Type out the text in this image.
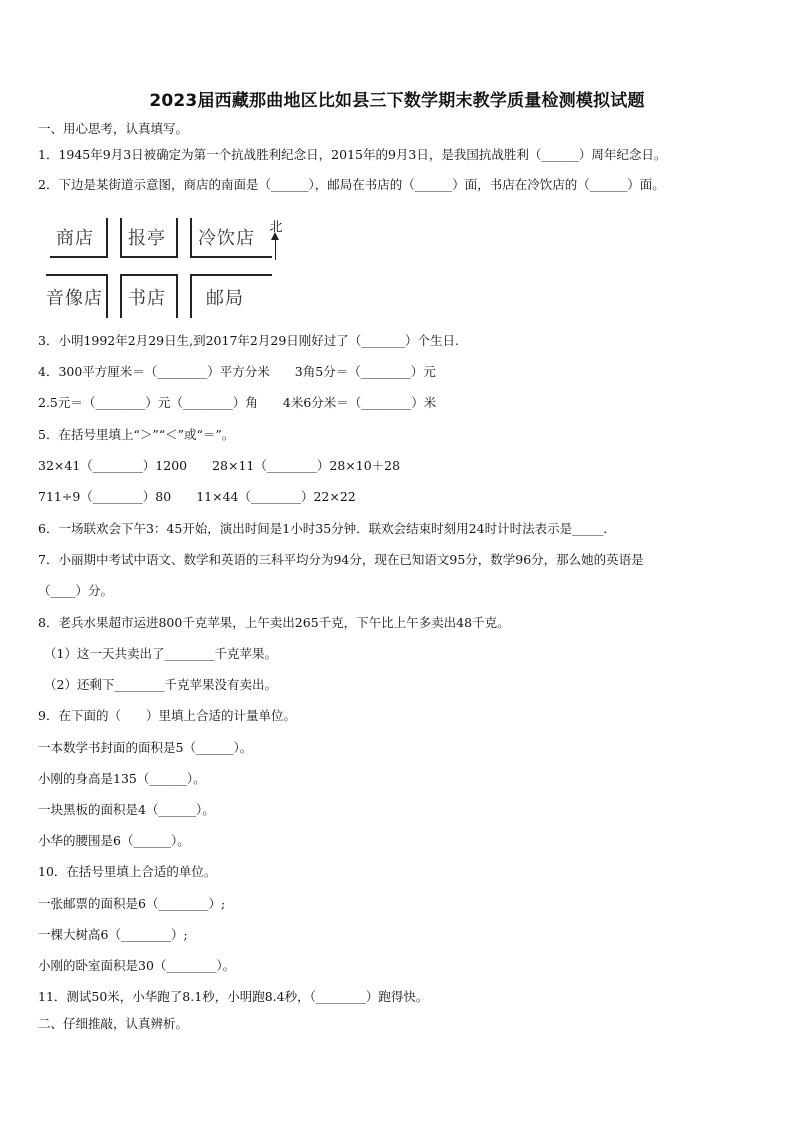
2023届西藏那曲地区比如县三下数学期末教学质量检测模拟试题
一、用心思考，认真填写。
1．1945年9月3日被确定为第一个抗战胜利纪念日，2015年的9月3日，是我国抗战胜利（______）周年纪念日。
2．下边是某街道示意图，商店的南面是（______），邮局在书店的（______）面，书店在冷饮店的（______）面。
商店	报亭	冷饮店
音像店	书店	邮局
北
3．小明1992年2月29日生,到2017年2月29日刚好过了（_______）个生日.
4．300平方厘米＝（________）平方分米　　3角5分＝（________）元
2.5元＝（________）元（________）角　　4米6分米＝（________）米
5．在括号里填上“＞”“＜”或“＝”。
32×41（________）1200　　28×11（________）28×10＋28
711÷9（________）80　　11×44（________）22×22
6．一场联欢会下午3：45开始，演出时间是1小时35分钟．联欢会结束时刻用24时计时法表示是_____．
7．小丽期中考试中语文、数学和英语的三科平均分为94分，现在已知语文95分，数学96分，那么她的英语是
（____）分。
8．老兵水果超市运进800千克苹果，上午卖出265千克，下午比上午多卖出48千克。
（1）这一天共卖出了________千克苹果。
（2）还剩下________千克苹果没有卖出。
9．在下面的（　　）里填上合适的计量单位。
一本数学书封面的面积是5（______）。
小刚的身高是135（______）。
一块黑板的面积是4（______）。
小华的腰围是6（______）。
10．在括号里填上合适的单位。
一张邮票的面积是6（________）;
一棵大树高6（________）;
小刚的卧室面积是30（________）。
11．测试50米，小华跑了8.1秒，小明跑8.4秒，（________）跑得快。
二、仔细推敲，认真辨析。
